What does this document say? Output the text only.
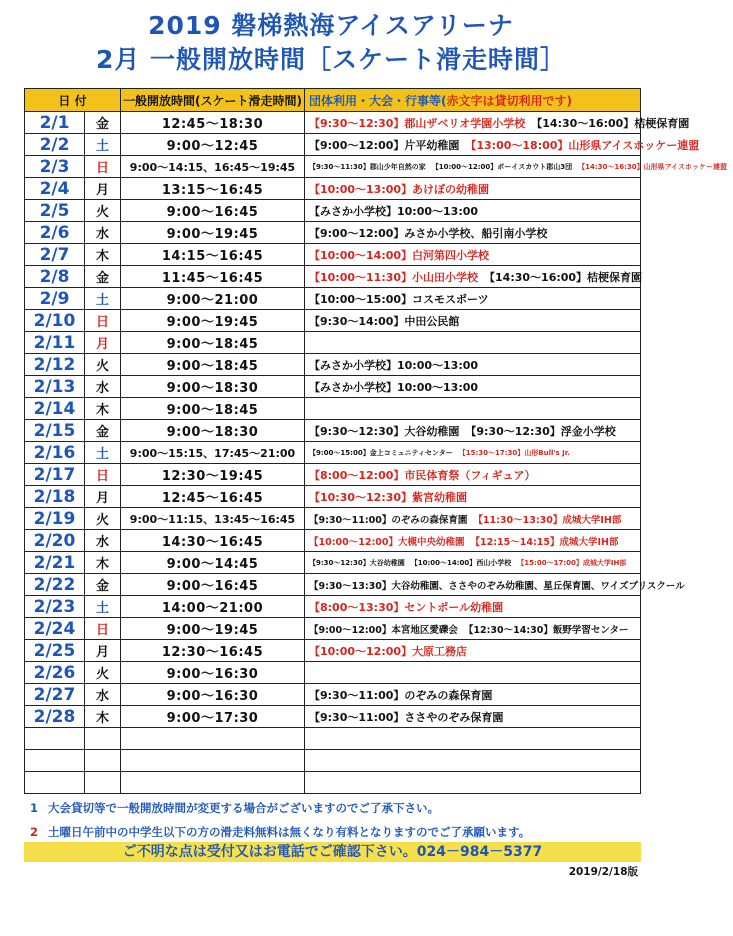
2019 磐梯熱海アイスアリーナ
2月 一般開放時間［スケート滑走時間］
日 付		一般開放時間(スケート滑走時間)	団体利用・大会・行事等(赤文字は貸切利用です)
2/1	金	12:45～18:30	【9:30～12:30】郡山ザベリオ学園小学校 【14:30～16:00】桔梗保育園
2/2	土	9:00～12:45	【9:00～12:00】片平幼稚園 【13:00～18:00】山形県アイスホッケー連盟
2/3	日	9:00～14:15、16:45～19:45	【9:30～11:30】郡山少年自然の家 【10:00～12:00】ボーイスカウト郡山3団 【14:30～16:30】山形県アイスホッケー連盟
2/4	月	13:15～16:45	【10:00～13:00】あけぼの幼稚園
2/5	火	9:00～16:45	【みさか小学校】10:00～13:00
2/6	水	9:00～19:45	【9:00～12:00】みさか小学校、船引南小学校
2/7	木	14:15～16:45	【10:00～14:00】白河第四小学校
2/8	金	11:45～16:45	【10:00～11:30】小山田小学校 【14:30～16:00】桔梗保育園
2/9	土	9:00～21:00	【10:00～15:00】コスモスポーツ
2/10	日	9:00～19:45	【9:30～14:00】中田公民館
2/11	月	9:00～18:45	
2/12	火	9:00～18:45	【みさか小学校】10:00～13:00
2/13	水	9:00～18:30	【みさか小学校】10:00～13:00
2/14	木	9:00～18:45	
2/15	金	9:00～18:30	【9:30～12:30】大谷幼稚園 【9:30～12:30】浮金小学校
2/16	土	9:00～15:15、17:45～21:00	【9:00～15:00】金上コミュニティセンター 【15:30～17:30】山形Bull's Jr.
2/17	日	12:30～19:45	【8:00～12:00】市民体育祭（フィギュア）
2/18	月	12:45～16:45	【10:30～12:30】紫宮幼稚園
2/19	火	9:00～11:15、13:45～16:45	【9:30～11:00】のぞみの森保育園 【11:30～13:30】成城大学IH部
2/20	水	14:30～16:45	【10:00～12:00】大槻中央幼稚園 【12:15～14:15】成城大学IH部
2/21	木	9:00～14:45	【9:30～12:30】大谷幼稚園 【10:00～14:00】西山小学校 【15:00～17:00】成城大学IH部
2/22	金	9:00～16:45	【9:30～13:30】大谷幼稚園、ささやのぞみ幼稚園、星丘保育園、ワイズプリスクール
2/23	土	14:00～21:00	【8:00～13:30】セントポール幼稚園
2/24	日	9:00～19:45	【9:00～12:00】本宮地区愛礫会 【12:30～14:30】飯野学習センター
2/25	月	12:30～16:45	【10:00～12:00】大原工務店
2/26	火	9:00～16:30	
2/27	水	9:00～16:30	【9:30～11:00】のぞみの森保育園
2/28	木	9:00～17:30	【9:30～11:00】ささやのぞみ保育園

1 大会貸切等で一般開放時間が変更する場合がございますのでご了承下さい。
2 土曜日午前中の中学生以下の方の滑走料無料は無くなり有料となりますのでご了承願います。
ご不明な点は受付又はお電話でご確認下さい。024－984－5377
2019/2/18版
